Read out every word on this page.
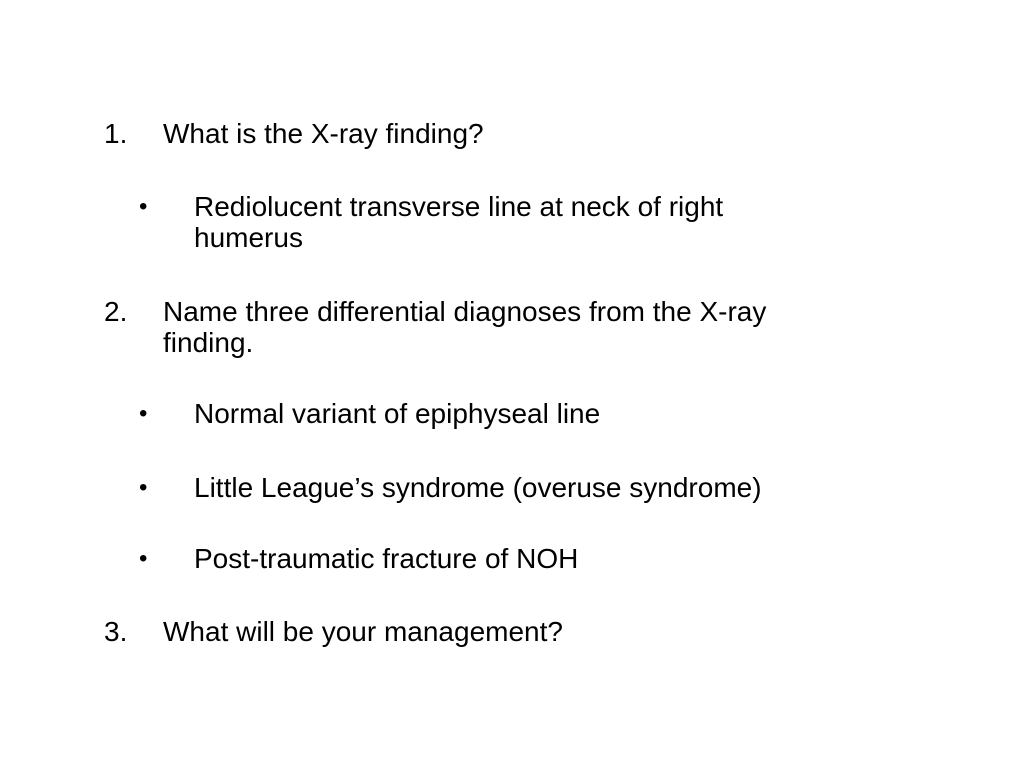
1. What is the X-ray finding?
• Rediolucent transverse line at neck of right humerus
2. Name three differential diagnoses from the X-ray finding.
• Normal variant of epiphyseal line
• Little League’s syndrome (overuse syndrome)
• Post-traumatic fracture of NOH
3. What will be your management?
